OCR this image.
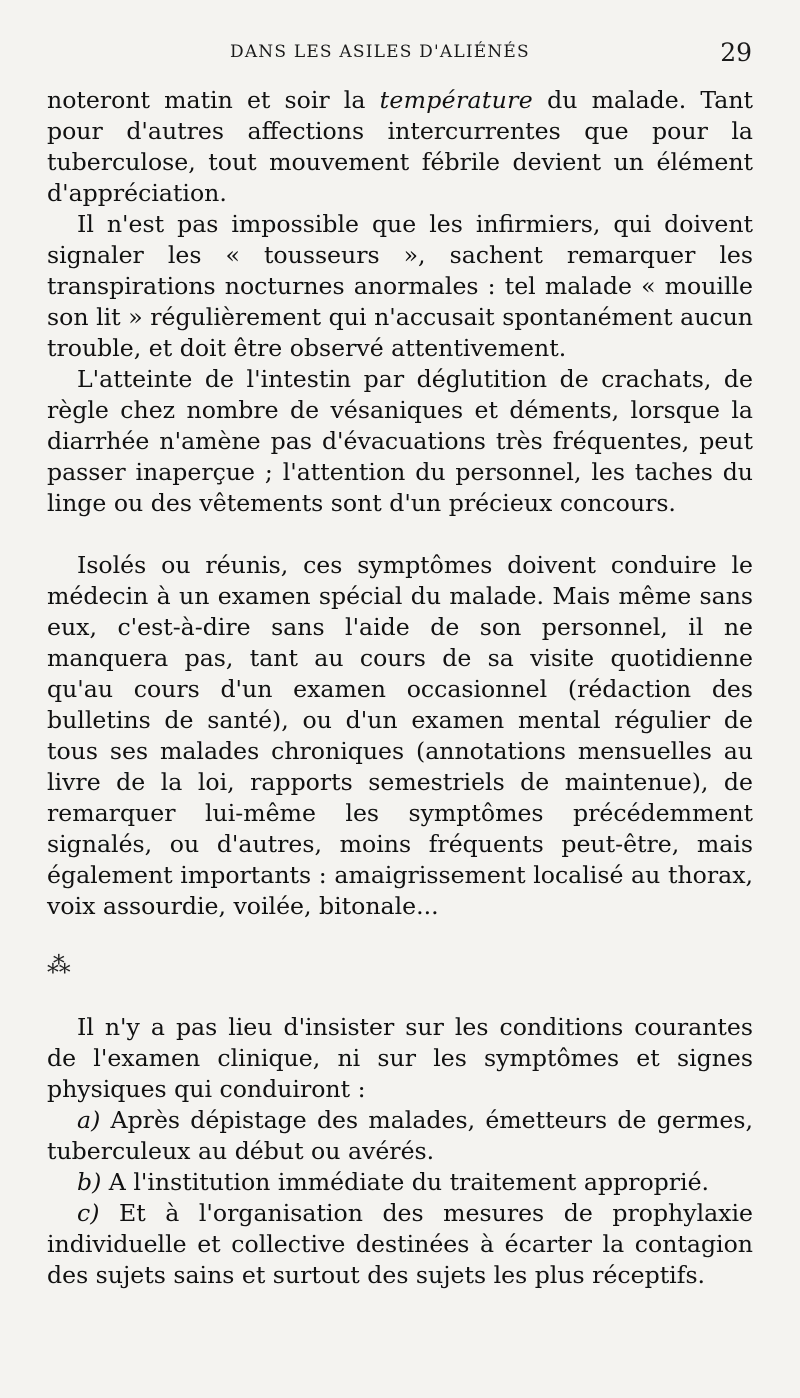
DANS LES ASILES D'ALIÉNÉS	29

noteront matin et soir la température du malade. Tant pour d'autres affections intercurrentes que pour la tuberculose, tout mouvement fébrile devient un élément d'appréciation.

Il n'est pas impossible que les infirmiers, qui doivent signaler les « tousseurs », sachent remarquer les transpirations nocturnes anormales : tel malade « mouille son lit » régulièrement qui n'accusait spontanément aucun trouble, et doit être observé attentivement.

L'atteinte de l'intestin par déglutition de crachats, de règle chez nombre de vésaniques et déments, lorsque la diarrhée n'amène pas d'évacuations très fréquentes, peut passer inaperçue ; l'attention du personnel, les taches du linge ou des vêtements sont d'un précieux concours.

Isolés ou réunis, ces symptômes doivent conduire le médecin à un examen spécial du malade. Mais même sans eux, c'est-à-dire sans l'aide de son personnel, il ne manquera pas, tant au cours de sa visite quotidienne qu'au cours d'un examen occasionnel (rédaction des bulletins de santé), ou d'un examen mental régulier de tous ses malades chroniques (annotations mensuelles au livre de la loi, rapports semestriels de maintenue), de remarquer lui-même les symptômes précédemment signalés, ou d'autres, moins fréquents peut-être, mais également importants : amaigrissement localisé au thorax, voix assourdie, voilée, bitonale...

⁂

Il n'y a pas lieu d'insister sur les conditions courantes de l'examen clinique, ni sur les symptômes et signes physiques qui conduiront :

a) Après dépistage des malades, émetteurs de germes, tuberculeux au début ou avérés.

b) A l'institution immédiate du traitement approprié.

c) Et à l'organisation des mesures de prophylaxie individuelle et collective destinées à écarter la contagion des sujets sains et surtout des sujets les plus réceptifs.
